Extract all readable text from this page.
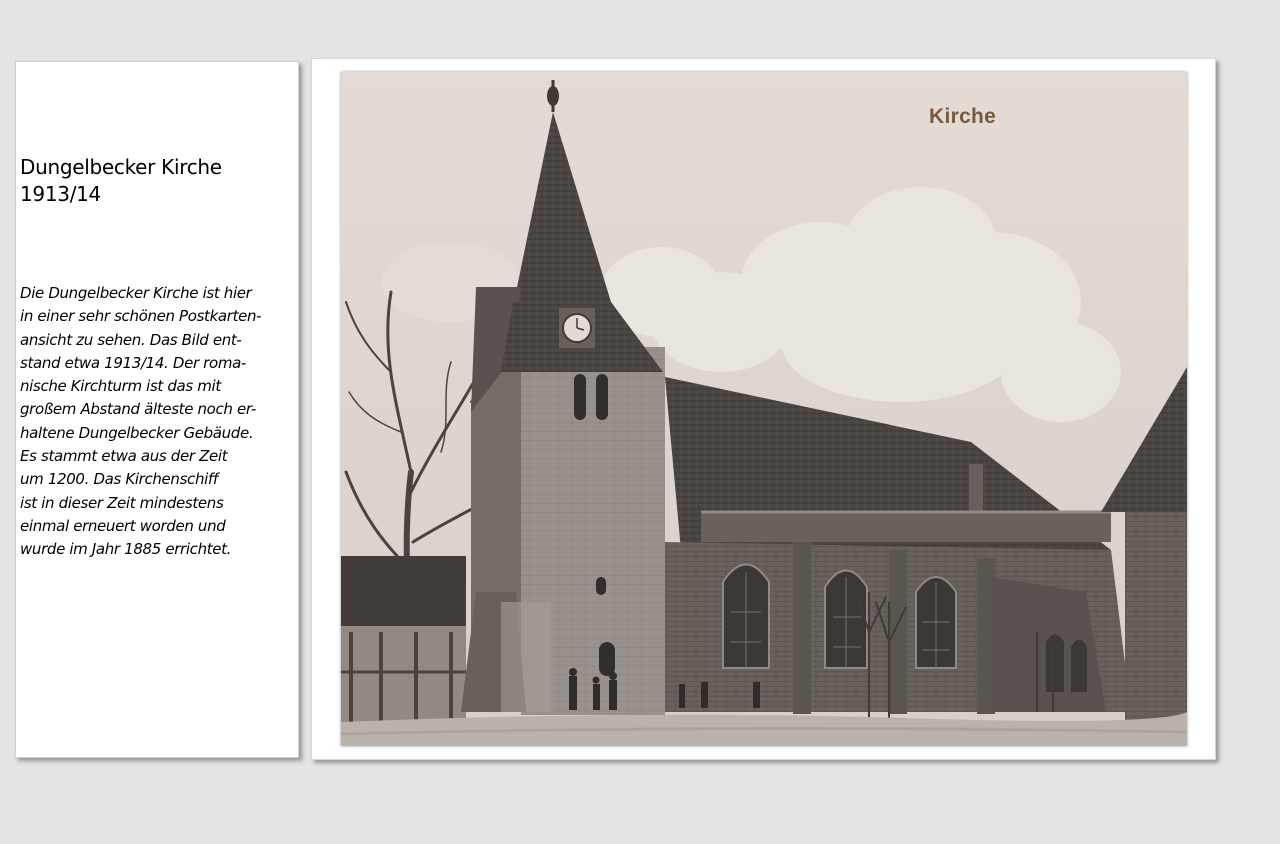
Dungelbecker Kirche
1913/14
Die Dungelbecker Kirche ist hier
in einer sehr schönen Postkarten-
ansicht zu sehen. Das Bild ent-
stand etwa 1913/14. Der roma-
nische Kirchturm ist das mit
großem Abstand älteste noch er-
haltene Dungelbecker Gebäude.
Es stammt etwa aus der Zeit
um 1200. Das Kirchenschiff
ist in dieser Zeit mindestens
einmal erneuert worden und
wurde im Jahr 1885 errichtet.
Kirche
